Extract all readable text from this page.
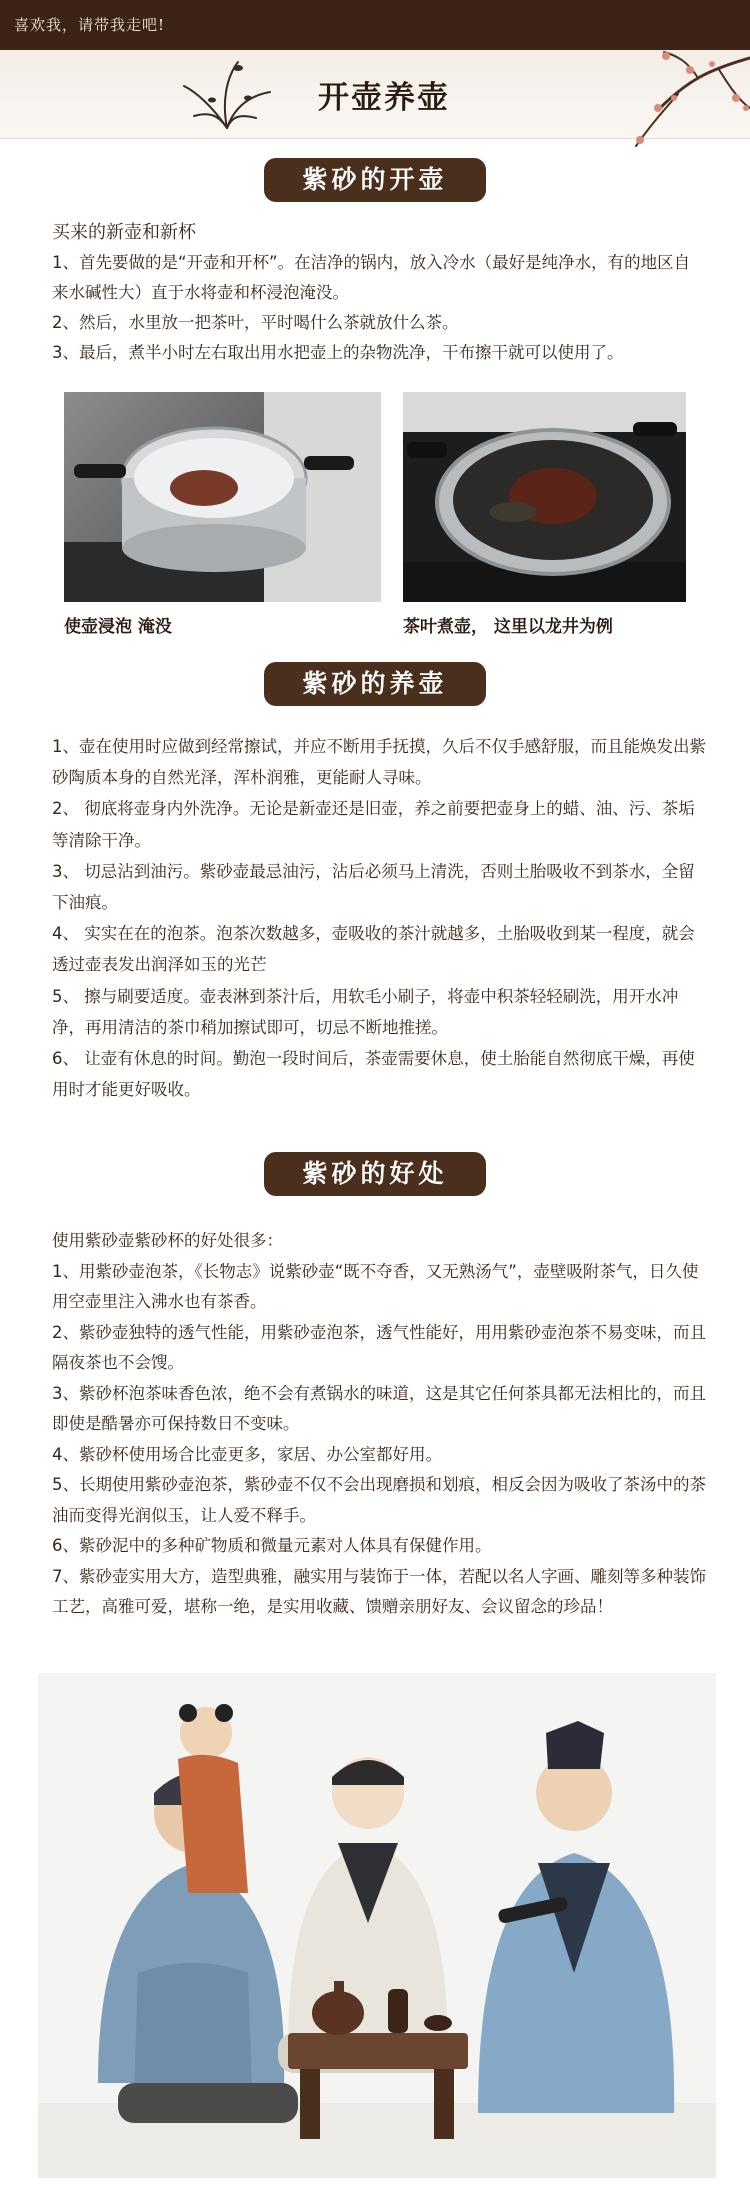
喜欢我，请带我走吧!
开壶养壶
紫砂的开壶
买来的新壶和新杯

1、首先要做的是“开壶和开杯”。在洁净的锅内，放入冷水（最好是纯净水，有的地区自来水碱性大）直于水将壶和杯浸泡淹没。

2、然后，水里放一把茶叶，平时喝什么茶就放什么茶。

3、最后，煮半小时左右取出用水把壶上的杂物洗净，干布擦干就可以使用了。

使壶浸泡 淹没	茶叶煮壶， 这里以龙井为例
紫砂的养壶

1、壶在使用时应做到经常擦试，并应不断用手抚摸，久后不仅手感舒服，而且能焕发出紫砂陶质本身的自然光泽，浑朴润雅，更能耐人寻味。

2、 彻底将壶身内外洗净。无论是新壶还是旧壶，养之前要把壶身上的蜡、油、污、茶垢等清除干净。

3、 切忌沾到油污。紫砂壶最忌油污，沾后必须马上清洗，否则土胎吸收不到茶水，全留下油痕。

4、 实实在在的泡茶。泡茶次数越多，壶吸收的茶汁就越多，土胎吸收到某一程度，就会透过壶表发出润泽如玉的光芒

5、 擦与刷要适度。壶表淋到茶汁后，用软毛小刷子，将壶中积茶轻轻刷洗，用开水冲净，再用清洁的茶巾稍加擦试即可，切忌不断地推搓。

6、 让壶有休息的时间。勤泡一段时间后，茶壶需要休息，使土胎能自然彻底干燥，再使用时才能更好吸收。

紫砂的好处

使用紫砂壶紫砂杯的好处很多：

1、用紫砂壶泡茶，《长物志》说紫砂壶“既不夺香，又无熟汤气”，壶壁吸附茶气，日久使用空壶里注入沸水也有茶香。

2、紫砂壶独特的透气性能，用紫砂壶泡茶，透气性能好，用用紫砂壶泡茶不易变味，而且隔夜茶也不会馊。

3、紫砂杯泡茶味香色浓，绝不会有煮锅水的味道，这是其它任何茶具都无法相比的，而且即使是酷暑亦可保持数日不变味。

4、紫砂杯使用场合比壶更多，家居、办公室都好用。

5、长期使用紫砂壶泡茶，紫砂壶不仅不会出现磨损和划痕，相反会因为吸收了茶汤中的茶油而变得光润似玉，让人爱不释手。

6、紫砂泥中的多种矿物质和微量元素对人体具有保健作用。

7、紫砂壶实用大方，造型典雅，融实用与装饰于一体，若配以名人字画、雕刻等多种装饰工艺，高雅可爱，堪称一绝，是实用收藏、馈赠亲朋好友、会议留念的珍品！
